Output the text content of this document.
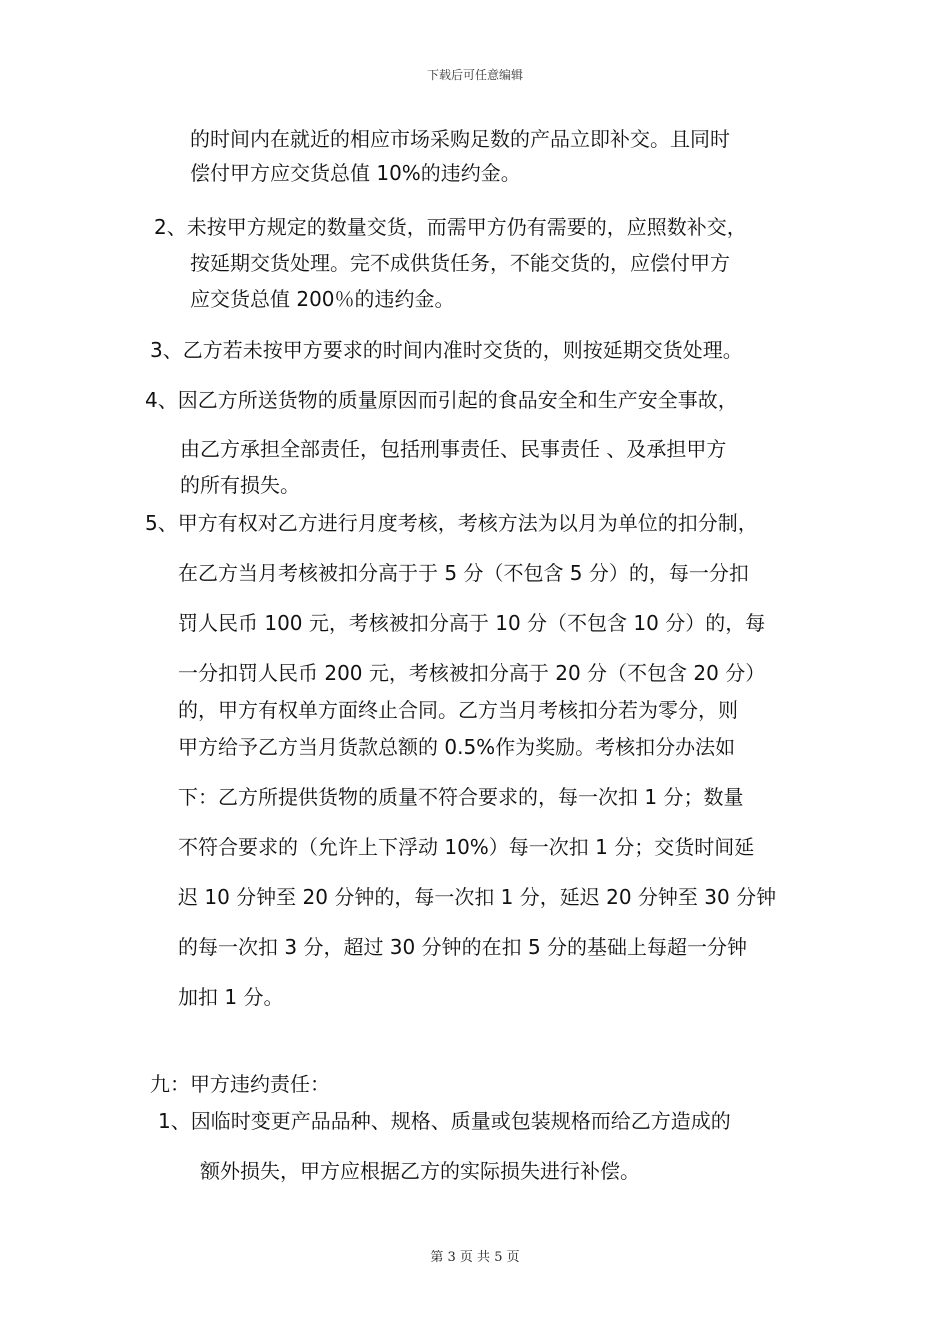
下载后可任意编辑
的时间内在就近的相应市场采购足数的产品立即补交。且同时
偿付甲方应交货总值 10%的违约金。
2、未按甲方规定的数量交货，而需甲方仍有需要的，应照数补交，
按延期交货处理。完不成供货任务，不能交货的，应偿付甲方
应交货总值 200％的违约金。
3、乙方若未按甲方要求的时间内准时交货的，则按延期交货处理。
4、因乙方所送货物的质量原因而引起的食品安全和生产安全事故，
由乙方承担全部责任，包括刑事责任、民事责任 、及承担甲方
的所有损失。
5、甲方有权对乙方进行月度考核，考核方法为以月为单位的扣分制，
在乙方当月考核被扣分高于于 5 分（不包含 5 分）的，每一分扣
罚人民币 100 元，考核被扣分高于 10 分（不包含 10 分）的，每
一分扣罚人民币 200 元，考核被扣分高于 20 分（不包含 20 分）
的，甲方有权单方面终止合同。乙方当月考核扣分若为零分，则
甲方给予乙方当月货款总额的 0.5%作为奖励。考核扣分办法如
下：乙方所提供货物的质量不符合要求的，每一次扣 1 分；数量
不符合要求的（允许上下浮动 10%）每一次扣 1 分；交货时间延
迟 10 分钟至 20 分钟的，每一次扣 1 分，延迟 20 分钟至 30 分钟
的每一次扣 3 分，超过 30 分钟的在扣 5 分的基础上每超一分钟
加扣 1 分。
九：甲方违约责任：
1、因临时变更产品品种、规格、质量或包装规格而给乙方造成的
额外损失，甲方应根据乙方的实际损失进行补偿。
第 3 页 共 5 页
